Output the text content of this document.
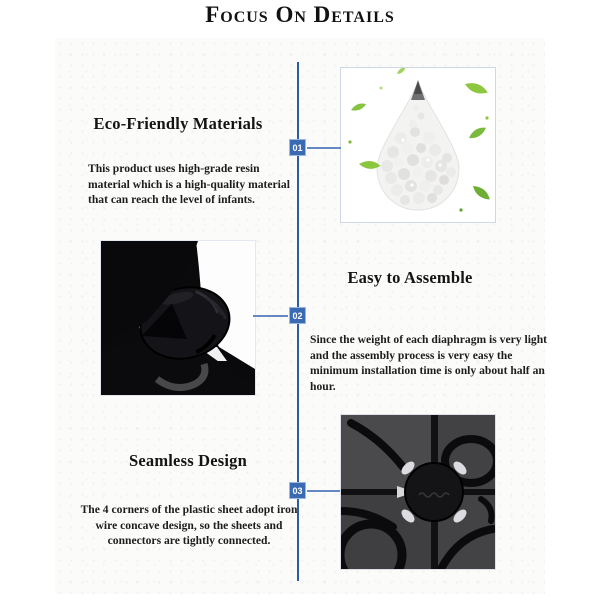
Focus On Details
01
02
03
Eco-Friendly Materials
This product uses high-grade resin material which is a high-quality material that can reach the level of infants.
Easy to Assemble
Since the weight of each diaphragm is very light and the assembly process is very easy the minimum installation time is only about half an hour.
Seamless Design
The 4 corners of the plastic sheet adopt iron wire concave design, so the sheets and connectors are tightly connected.
